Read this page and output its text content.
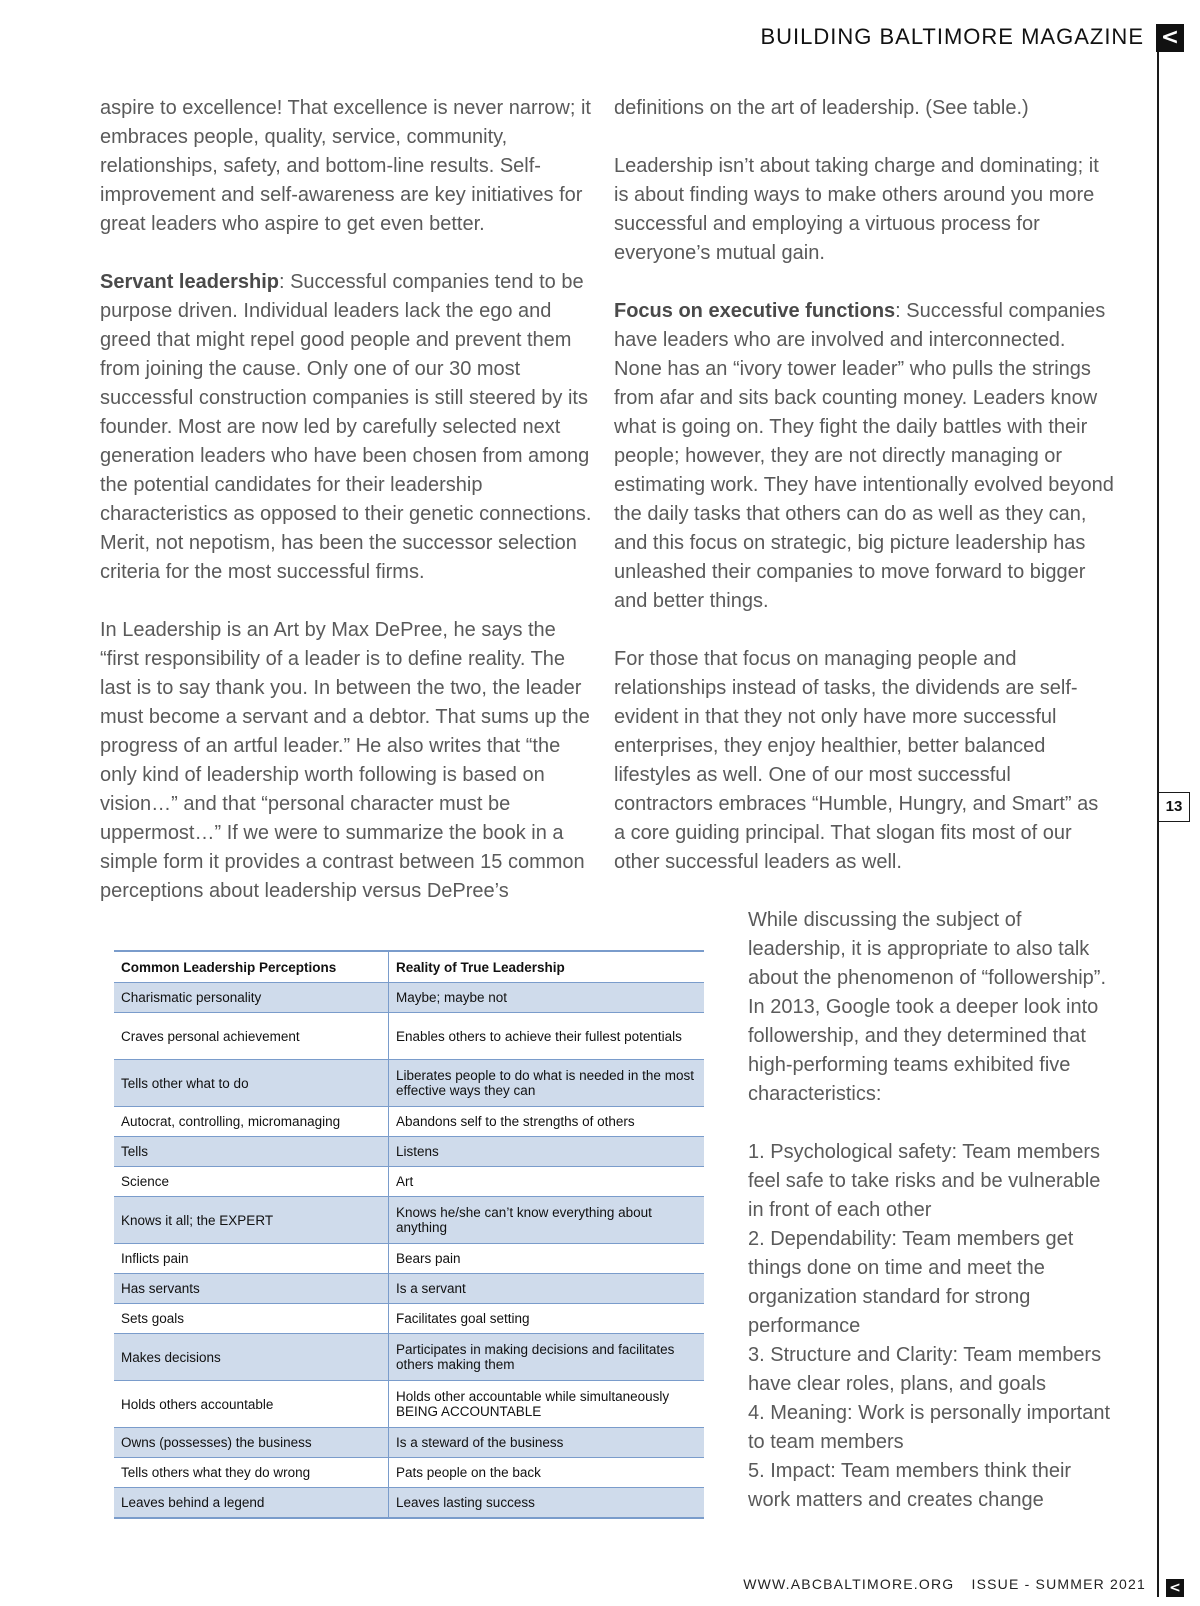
BUILDING BALTIMORE MAGAZINE <
13

aspire to excellence! That excellence is never narrow; it embraces people, quality, service, community, relationships, safety, and bottom-line results. Self-improvement and self-awareness are key initiatives for great leaders who aspire to get even better.

Servant leadership: Successful companies tend to be purpose driven. Individual leaders lack the ego and greed that might repel good people and prevent them from joining the cause. Only one of our 30 most successful construction companies is still steered by its founder. Most are now led by carefully selected next generation leaders who have been chosen from among the potential candidates for their leadership characteristics as opposed to their genetic connections. Merit, not nepotism, has been the successor selection criteria for the most successful firms.

In Leadership is an Art by Max DePree, he says the “first responsibility of a leader is to define reality. The last is to say thank you. In between the two, the leader must become a servant and a debtor. That sums up the progress of an artful leader.” He also writes that “the only kind of leadership worth following is based on vision…” and that “personal character must be uppermost…” If we were to summarize the book in a simple form it provides a contrast between 15 common perceptions about leadership versus DePree’s

definitions on the art of leadership. (See table.)

Leadership isn’t about taking charge and dominating; it is about finding ways to make others around you more successful and employing a virtuous process for everyone’s mutual gain.

Focus on executive functions: Successful companies have leaders who are involved and interconnected. None has an “ivory tower leader” who pulls the strings from afar and sits back counting money. Leaders know what is going on. They fight the daily battles with their people; however, they are not directly managing or estimating work. They have intentionally evolved beyond the daily tasks that others can do as well as they can, and this focus on strategic, big picture leadership has unleashed their companies to move forward to bigger and better things.

For those that focus on managing people and relationships instead of tasks, the dividends are self-evident in that they not only have more successful enterprises, they enjoy healthier, better balanced lifestyles as well. One of our most successful contractors embraces “Humble, Hungry, and Smart” as a core guiding principal. That slogan fits most of our other successful leaders as well.

While discussing the subject of leadership, it is appropriate to also talk about the phenomenon of “followership”. In 2013, Google took a deeper look into followership, and they determined that high-performing teams exhibited five characteristics:

1. Psychological safety: Team members feel safe to take risks and be vulnerable in front of each other
2. Dependability: Team members get things done on time and meet the organization standard for strong performance
3. Structure and Clarity: Team members have clear roles, plans, and goals
4. Meaning: Work is personally important to team members
5. Impact: Team members think their work matters and creates change
Common Leadership Perceptions	Reality of True Leadership
Charismatic personality	Maybe; maybe not
Craves personal achievement	Enables others to achieve their fullest potentials
Tells other what to do	Liberates people to do what is needed in the most effective ways they can
Autocrat, controlling, micromanaging	Abandons self to the strengths of others
Tells	Listens
Science	Art
Knows it all; the EXPERT	Knows he/she can’t know everything about anything
Inflicts pain	Bears pain
Has servants	Is a servant
Sets goals	Facilitates goal setting
Makes decisions	Participates in making decisions and facilitates others making them
Holds others accountable	Holds other accountable while simultaneously BEING ACCOUNTABLE
Owns (possesses) the business	Is a steward of the business
Tells others what they do wrong	Pats people on the back
Leaves behind a legend	Leaves lasting success
WWW.ABCBALTIMORE.ORG ISSUE - SUMMER 2021 <
